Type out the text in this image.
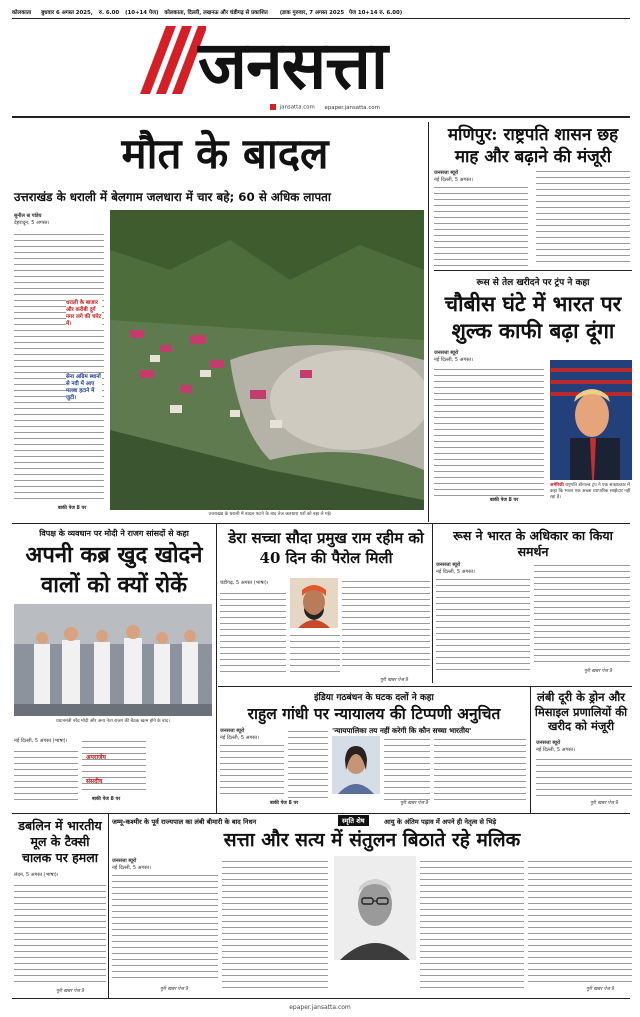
कोलकाता बुधवार 6 अगस्त 2025, रु. 6.00 (10+14 पेज) कोलकाता, दिल्ली, लखनऊ और चंडीगढ़ से प्रकाशित (डाक गुरुवार, 7 अगस्त 2025 पेज 10+14 रु. 6.00)
जनसत्ता
jansatta.com epaper.jansatta.com
मौत के बादल
उत्तराखंड के धराली में बेलगाम जलधारा में चार बहे; 60 से अधिक लापता
सुनील स्र पांडेय
देहरादून, 5 अगस्त।
धराली के बाजार और करीबी दुर्ग नगर लगे की चपेट में।
सेना अग्रिम स्थानों से नदी में आए मलबा हटाने में जुटी।
बाकी पेज 8 पर
उत्तराखंड के धराली में बादल फटने के बाद तेज जलधारा घरों को बहा ले गई।
मणिपुर: राष्ट्रपति शासन छह माह और बढ़ाने की मंजूरी
जनसत्ता ब्यूरो
नई दिल्ली, 5 अगस्त।
रूस से तेल खरीदने पर ट्रंप ने कहा
चौबीस घंटे में भारत पर शुल्क काफी बढ़ा दूंगा
जनसत्ता ब्यूरो
नई दिल्ली, 5 अगस्त।
बाकी पेज 8 पर
अमेरिकी राष्ट्रपति डोनाल्ड ट्रंप ने एक साक्षात्कार में कहा कि भारत एक अच्छा व्यापारिक साझेदार नहीं रहा है।
विपक्ष के व्यवधान पर मोदी ने राजग सांसदों से कहा
अपनी कब्र खुद खोदने वालों को क्यों रोकें
प्रधानमंत्री नरेंद्र मोदी और अन्य नेता राजग की बैठक खत्म होने के बाद।
नई दिल्ली, 5 अगस्त (भाषा)।
बाकी पेज 8 पर
डेरा सच्चा सौदा प्रमुख राम रहीम को 40 दिन की पैरोल मिली
चंडीगढ़, 5 अगस्त (भाषा)।
पूरी खबर पेज 9
रूस ने भारत के अधिकार का किया समर्थन
जनसत्ता ब्यूरो
नई दिल्ली, 5 अगस्त।
पूरी खबर पेज 9
लंबी दूरी के ड्रोन और मिसाइल प्रणालियों की खरीद को मंजूरी
जनसत्ता ब्यूरो
नई दिल्ली, 5 अगस्त।
पूरी खबर पेज 9
इंडिया गठबंधन के घटक दलों ने कहा
राहुल गांधी पर न्यायालय की टिप्पणी अनुचित
जनसत्ता ब्यूरो
नई दिल्ली, 5 अगस्त।
बाकी पेज 8 पर
'न्यायपालिका तय नहीं करेगी कि कौन सच्चा भारतीय'
पूरी खबर पेज 9
अपराजेय
संसदीय
डबलिन में भारतीय मूल के टैक्सी चालक पर हमला
लंदन, 5 अगस्त (भाषा)।
पूरी खबर पेज 9
जम्मू-कश्मीर के पूर्व राज्यपाल का लंबी बीमारी के बाद निधन	स्मृति शेष	आयु के अंतिम पड़ाव में अपने ही नेतृत्व से भिड़े
सत्ता और सत्य में संतुलन बिठाते रहे मलिक
जनसत्ता ब्यूरो
नई दिल्ली, 5 अगस्त।
पूरी खबर पेज 9	पूरी खबर पेज 9
epaper.jansatta.com
